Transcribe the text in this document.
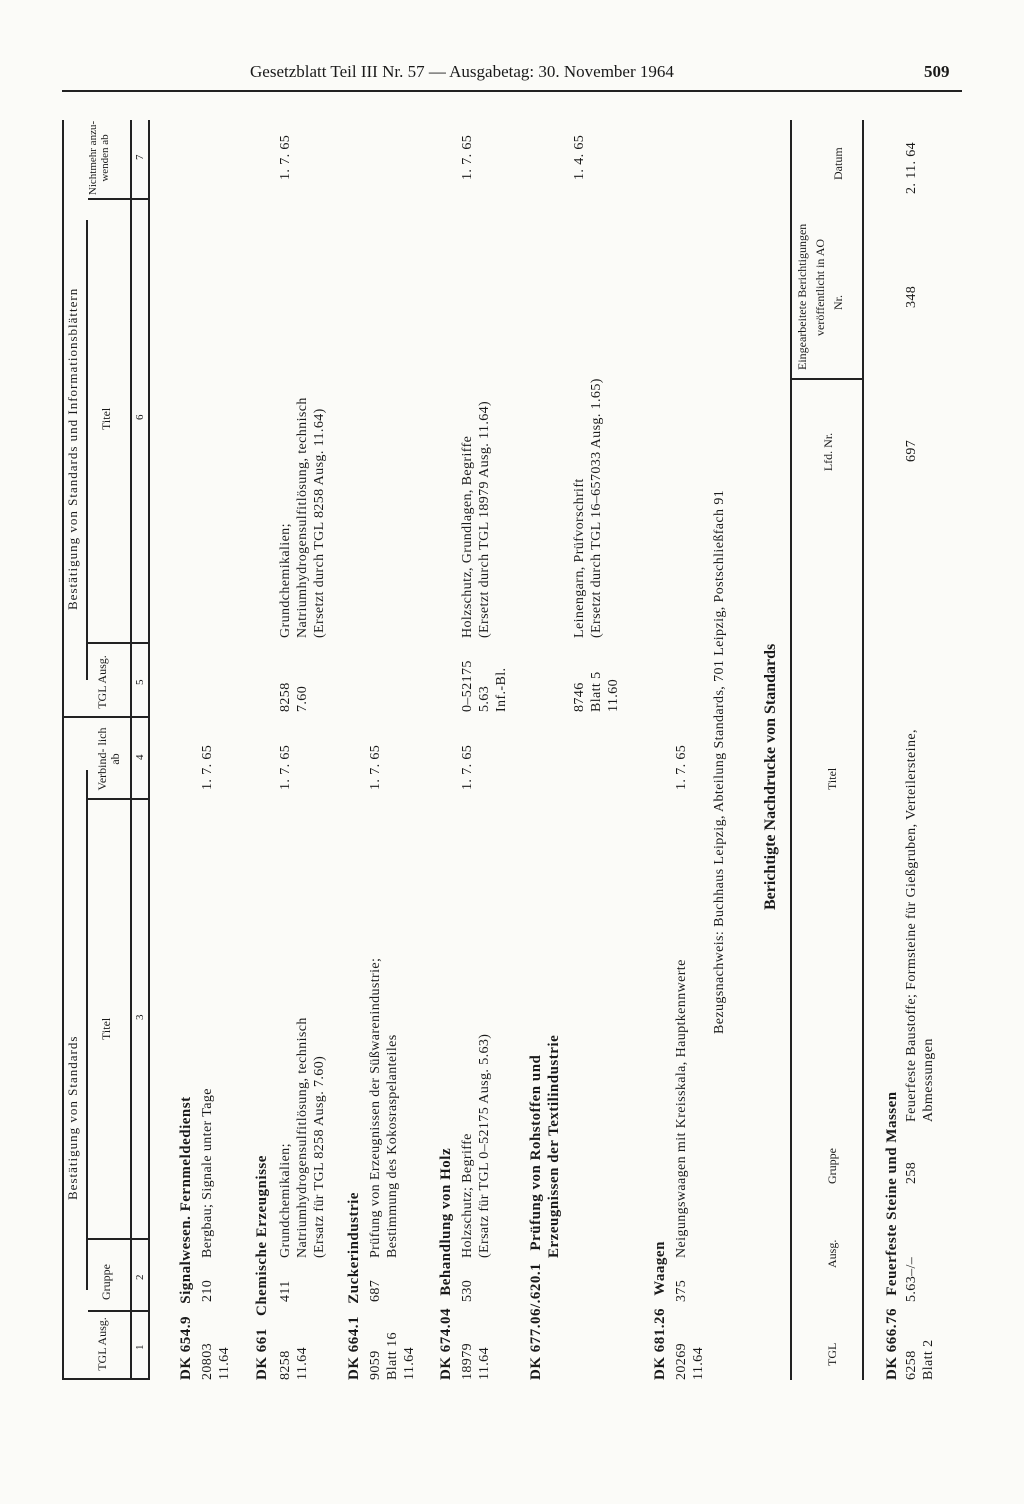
Gesetzblatt Teil III Nr. 57 — Ausgabetag: 30. November 1964	509
Bestätigung von Standards
Bestätigung von Standards und Informationsblättern
TGL Ausg.
Gruppe
Titel
Verbind- lich ab
TGL Ausg.
Titel
Nichtmehr anzu- wenden ab
1
2
3
4
5
6
7
DK 654.9 Signalwesen. Fernmeldedienst
20803 11.64
210
Bergbau; Signale unter Tage
1. 7. 65
DK 661 Chemische Erzeugnisse
8258 11.64
411
Grundchemikalien; Natriumhydrogensulfitlösung, technisch (Ersatz für TGL 8258 Ausg. 7.60)
1. 7. 65
8258 7.60
Grundchemikalien; Natriumhydrogensulfitlösung, technisch (Ersetzt durch TGL 8258 Ausg. 11.64)
1. 7. 65
DK 664.1 Zuckerindustrie
9059 Blatt 16 11.64
687
Prüfung von Erzeugnissen der Süßwarenindustrie; Bestimmung des Kokosraspelanteiles
1. 7. 65
DK 674.04 Behandlung von Holz
18979 11.64
530
Holzschutz; Begriffe (Ersatz für TGL 0–52175 Ausg. 5.63)
1. 7. 65
0–52175 5.63 Inf.-Bl.
Holzschutz, Grundlagen, Begriffe (Ersetzt durch TGL 18979 Ausg. 11.64)
1. 7. 65
DK 677.06/.620.1 Prüfung von Rohstoffen und Erzeugnissen der Textilindustrie
8746 Blatt 5 11.60
Leinengarn, Prüfvorschrift (Ersetzt durch TGL 16–657033 Ausg. 1.65)
1. 4. 65
DK 681.26 Waagen
20269 11.64
375
Neigungswaagen mit Kreisskala, Hauptkennwerte
1. 7. 65 Bezugsnachweis: Buchhaus Leipzig, Abteilung Standards, 701 Leipzig, Postschließfach 91 Berichtigte Nachdrucke von Standards
TGL
Ausg.
Gruppe
Titel
Eingearbeitete Berichtigungen
Lfd. Nr.
veröffentlicht in AO Nr.
Datum
DK 666.76 Feuerfeste Steine und Massen
6258 Blatt 2
5.63–/–
258
Feuerfeste Baustoffe; Formsteine für Gießgruben, Verteilersteine, Abmessungen
697
348
2. 11. 64
